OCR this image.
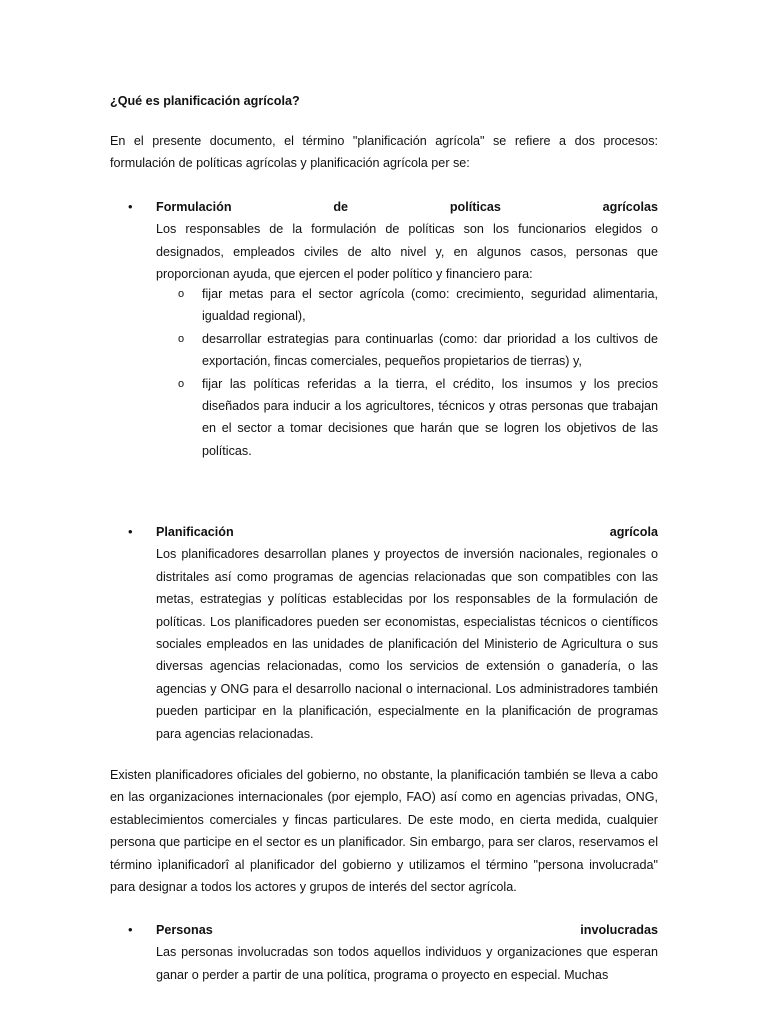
¿Qué es planificación agrícola?

En el presente documento, el término "planificación agrícola" se refiere a dos procesos: formulación de políticas agrícolas y planificación agrícola per se:

• Formulación	de	políticas	agrícolas

Los responsables de la formulación de políticas son los funcionarios elegidos o designados, empleados civiles de alto nivel y, en algunos casos, personas que proporcionan ayuda, que ejercen el poder político y financiero para:

o fijar metas para el sector agrícola (como: crecimiento, seguridad alimentaria, igualdad regional),
o desarrollar estrategias para continuarlas (como: dar prioridad a los cultivos de exportación, fincas comerciales, pequeños propietarios de tierras) y,
o fijar las políticas referidas a la tierra, el crédito, los insumos y los precios diseñados para inducir a los agricultores, técnicos y otras personas que trabajan en el sector a tomar decisiones que harán que se logren los objetivos de las políticas.
• Planificación	agrícola

Los planificadores desarrollan planes y proyectos de inversión nacionales, regionales o distritales así como programas de agencias relacionadas que son compatibles con las metas, estrategias y políticas establecidas por los responsables de la formulación de políticas. Los planificadores pueden ser economistas, especialistas técnicos o científicos sociales empleados en las unidades de planificación del Ministerio de Agricultura o sus diversas agencias relacionadas, como los servicios de extensión o ganadería, o las agencias y ONG para el desarrollo nacional o internacional. Los administradores también pueden participar en la planificación, especialmente en la planificación de programas para agencias relacionadas.

Existen planificadores oficiales del gobierno, no obstante, la planificación también se lleva a cabo en las organizaciones internacionales (por ejemplo, FAO) así como en agencias privadas, ONG, establecimientos comerciales y fincas particulares. De este modo, en cierta medida, cualquier persona que participe en el sector es un planificador. Sin embargo, para ser claros, reservamos el término ìplanificadorî al planificador del gobierno y utilizamos el término "persona involucrada" para designar a todos los actores y grupos de interés del sector agrícola.

• Personas	involucradas

Las personas involucradas son todos aquellos individuos y organizaciones que esperan ganar o perder a partir de una política, programa o proyecto en especial. Muchas
